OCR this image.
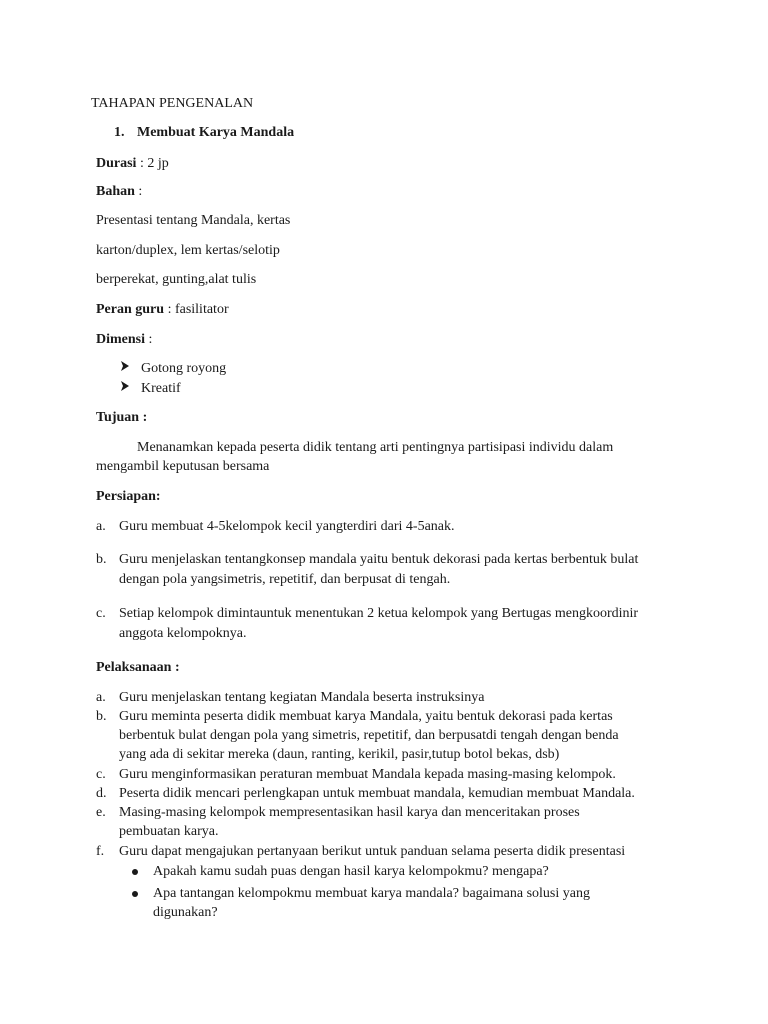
TAHAPAN PENGENALAN
1. Membuat Karya Mandala
Durasi : 2 jp
Bahan :
Presentasi tentang Mandala, kertas
karton/duplex, lem kertas/selotip
berperekat, gunting,alat tulis
Peran guru : fasilitator
Dimensi :
Gotong royong
Kreatif
Tujuan :
Menanamkan kepada peserta didik tentang arti pentingnya partisipasi individu dalam
mengambil keputusan bersama
Persiapan:
a. Guru membuat 4-5kelompok kecil yangterdiri dari 4-5anak.
b. Guru menjelaskan tentangkonsep mandala yaitu bentuk dekorasi pada kertas berbentuk bulat
dengan pola yangsimetris, repetitif, dan berpusat di tengah.
c. Setiap kelompok dimintauntuk menentukan 2 ketua kelompok yang Bertugas mengkoordinir
anggota kelompoknya.
Pelaksanaan :
a. Guru menjelaskan tentang kegiatan Mandala beserta instruksinya
b. Guru meminta peserta didik membuat karya Mandala, yaitu bentuk dekorasi pada kertas
berbentuk bulat dengan pola yang simetris, repetitif, dan berpusatdi tengah dengan benda
yang ada di sekitar mereka (daun, ranting, kerikil, pasir,tutup botol bekas, dsb)
c. Guru menginformasikan peraturan membuat Mandala kepada masing-masing kelompok.
d. Peserta didik mencari perlengkapan untuk membuat mandala, kemudian membuat Mandala.
e. Masing-masing kelompok mempresentasikan hasil karya dan menceritakan proses
pembuatan karya.
f. Guru dapat mengajukan pertanyaan berikut untuk panduan selama peserta didik presentasi
Apakah kamu sudah puas dengan hasil karya kelompokmu? mengapa?
Apa tantangan kelompokmu membuat karya mandala? bagaimana solusi yang
digunakan?
